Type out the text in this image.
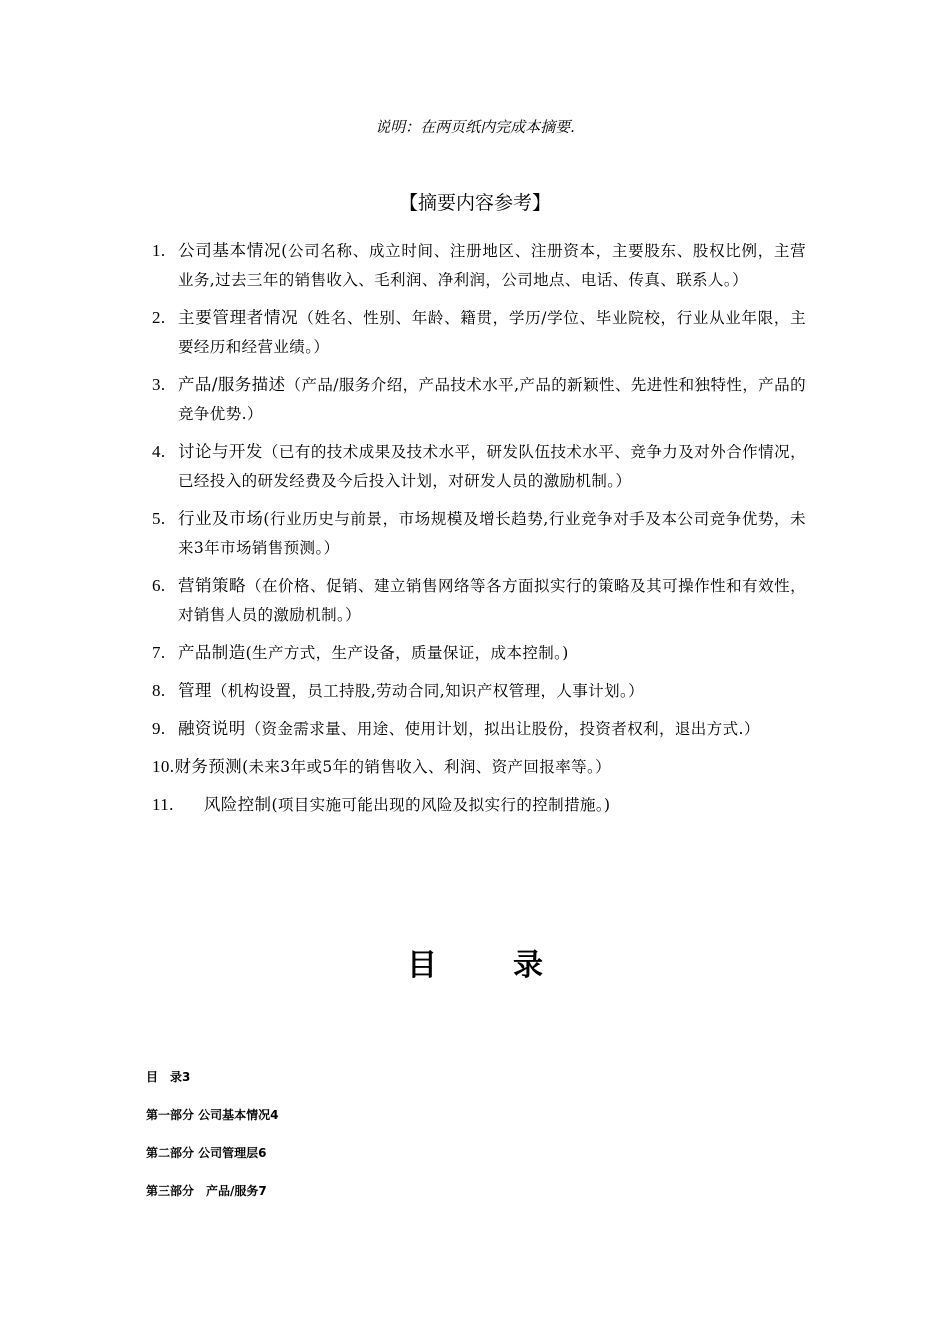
说明：在两页纸内完成本摘要.
【摘要内容参考】
1. 公司基本情况(公司名称、成立时间、注册地区、注册资本，主要股东、股权比例，主营业务,过去三年的销售收入、毛利润、净利润，公司地点、电话、传真、联系人。）
2. 主要管理者情况（姓名、性别、年龄、籍贯，学历/学位、毕业院校，行业从业年限，主要经历和经营业绩。）
3. 产品/服务描述（产品/服务介绍，产品技术水平,产品的新颖性、先进性和独特性，产品的竞争优势.）
4. 讨论与开发（已有的技术成果及技术水平，研发队伍技术水平、竞争力及对外合作情况，已经投入的研发经费及今后投入计划，对研发人员的激励机制。）
5. 行业及市场(行业历史与前景，市场规模及增长趋势,行业竞争对手及本公司竞争优势，未来3年市场销售预测。）
6. 营销策略（在价格、促销、建立销售网络等各方面拟实行的策略及其可操作性和有效性，对销售人员的激励机制。）
7. 产品制造(生产方式，生产设备，质量保证，成本控制。)
8. 管理（机构设置，员工持股,劳动合同,知识产权管理，人事计划。）
9. 融资说明（资金需求量、用途、使用计划，拟出让股份，投资者权利，退出方式.）
10.财务预测(未来3年或5年的销售收入、利润、资产回报率等。）
11. 风险控制(项目实施可能出现的风险及拟实行的控制措施。)
目录
目　录3
第一部分 公司基本情况4
第二部分 公司管理层6
第三部分　产品/服务7
